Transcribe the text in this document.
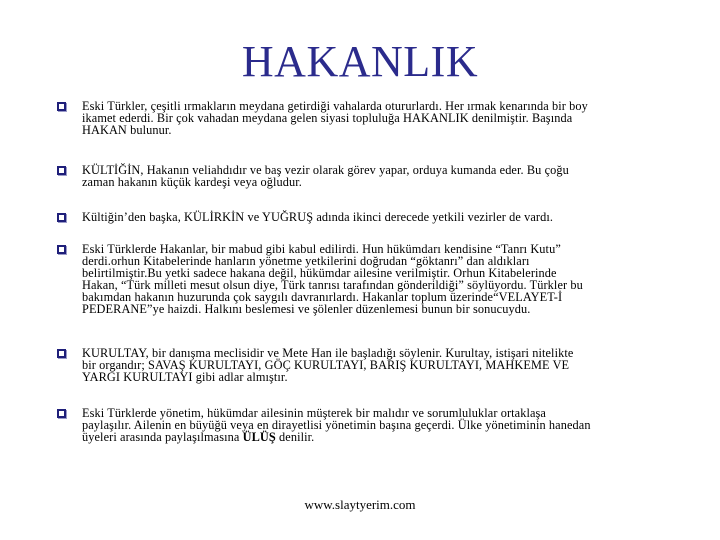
HAKANLIK
Eski Türkler, çeşitli ırmakların meydana getirdiği vahalarda otururlardı. Her ırmak kenarında bir boy
ikamet ederdi. Bir çok vahadan meydana gelen siyasi topluluğa HAKANLIK denilmiştir. Başında
HAKAN bulunur.
KÜLTİĞİN, Hakanın veliahdıdır ve baş vezir olarak görev yapar, orduya kumanda eder. Bu çoğu
zaman hakanın küçük kardeşi veya oğludur.
Kültiğin’den başka, KÜLİRKİN ve YUĞRUŞ adında ikinci derecede yetkili vezirler de vardı.
Eski Türklerde Hakanlar, bir mabud gibi kabul edilirdi. Hun hükümdarı kendisine “Tanrı Kutu”
derdi.orhun Kitabelerinde hanların yönetme yetkilerini doğrudan “göktanrı” dan aldıkları
belirtilmiştir.Bu yetki sadece hakana değil, hükümdar ailesine verilmiştir. Orhun Kitabelerinde
Hakan, “Türk milleti mesut olsun diye, Türk tanrısı tarafından gönderildiği” söylüyordu. Türkler bu
bakımdan hakanın huzurunda çok saygılı davranırlardı. Hakanlar toplum üzerinde“VELAYET-İ
PEDERANE”ye haizdi. Halkını beslemesi ve şölenler düzenlemesi bunun bir sonucuydu.
KURULTAY, bir danışma meclisidir ve Mete Han ile başladığı söylenir. Kurultay, istişari nitelikte
bir organdır; SAVAŞ KURULTAYI, GÖÇ KURULTAYI, BARIŞ KURULTAYI, MAHKEME VE
YARGI KURULTAYI gibi adlar almıştır.
Eski Türklerde yönetim, hükümdar ailesinin müşterek bir malıdır ve sorumluluklar ortaklaşa
paylaşılır. Ailenin en büyüğü veya en dirayetlisi yönetimin başına geçerdi. Ülke yönetiminin hanedan
üyeleri arasında paylaşılmasına ÜLÜŞ denilir.
www.slaytyerim.com
